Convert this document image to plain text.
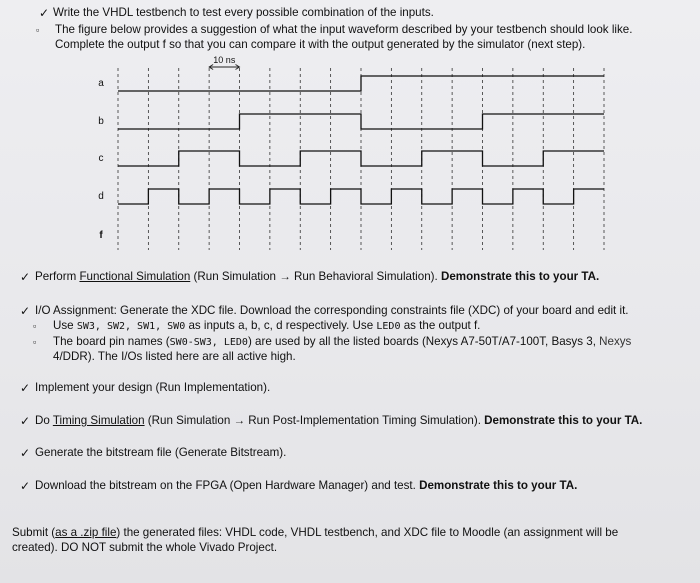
✓ Write the VHDL testbench to test every possible combination of the inputs.
▫ The figure below provides a suggestion of what the input waveform described by your testbench should look like.
Complete the output f so that you can compare it with the output generated by the simulator (next step).
10 ns
a
b
c
d
f
✓ Perform Functional Simulation (Run Simulation → Run Behavioral Simulation). Demonstrate this to your TA.
✓ I/O Assignment: Generate the XDC file. Download the corresponding constraints file (XDC) of your board and edit it.
▫ Use SW3, SW2, SW1, SW0 as inputs a, b, c, d respectively. Use LED0 as the output f.
▫ The board pin names (SW0-SW3, LED0) are used by all the listed boards (Nexys A7-50T/A7-100T, Basys 3, Nexys
4/DDR). The I/Os listed here are all active high.
✓ Implement your design (Run Implementation).
✓ Do Timing Simulation (Run Simulation → Run Post-Implementation Timing Simulation). Demonstrate this to your TA.
✓ Generate the bitstream file (Generate Bitstream).
✓ Download the bitstream on the FPGA (Open Hardware Manager) and test. Demonstrate this to your TA.
Submit (as a .zip file) the generated files: VHDL code, VHDL testbench, and XDC file to Moodle (an assignment will be
created). DO NOT submit the whole Vivado Project.
